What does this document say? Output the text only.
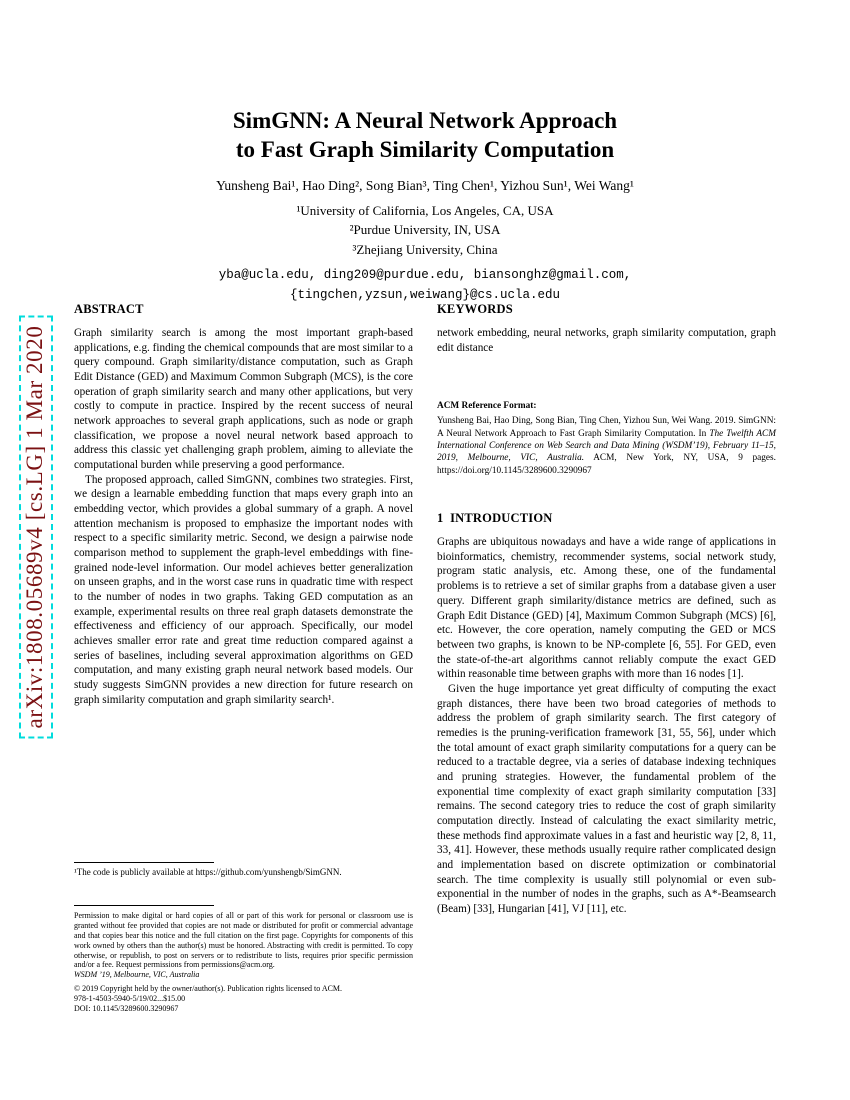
arXiv:1808.05689v4 [cs.LG] 1 Mar 2020
SimGNN: A Neural Network Approach
to Fast Graph Similarity Computation
Yunsheng Bai¹, Hao Ding², Song Bian³, Ting Chen¹, Yizhou Sun¹, Wei Wang¹
¹University of California, Los Angeles, CA, USA
²Purdue University, IN, USA
³Zhejiang University, China
yba@ucla.edu, ding209@purdue.edu, biansonghz@gmail.com,
{tingchen,yzsun,weiwang}@cs.ucla.edu
ABSTRACT

Graph similarity search is among the most important graph-based applications, e.g. finding the chemical compounds that are most similar to a query compound. Graph similarity/distance computation, such as Graph Edit Distance (GED) and Maximum Common Subgraph (MCS), is the core operation of graph similarity search and many other applications, but very costly to compute in practice. Inspired by the recent success of neural network approaches to several graph applications, such as node or graph classification, we propose a novel neural network based approach to address this classic yet challenging graph problem, aiming to alleviate the computational burden while preserving a good performance.

The proposed approach, called SimGNN, combines two strategies. First, we design a learnable embedding function that maps every graph into an embedding vector, which provides a global summary of a graph. A novel attention mechanism is proposed to emphasize the important nodes with respect to a specific similarity metric. Second, we design a pairwise node comparison method to supplement the graph-level embeddings with fine-grained node-level information. Our model achieves better generalization on unseen graphs, and in the worst case runs in quadratic time with respect to the number of nodes in two graphs. Taking GED computation as an example, experimental results on three real graph datasets demonstrate the effectiveness and efficiency of our approach. Specifically, our model achieves smaller error rate and great time reduction compared against a series of baselines, including several approximation algorithms on GED computation, and many existing graph neural network based models. Our study suggests SimGNN provides a new direction for future research on graph similarity computation and graph similarity search¹.

¹The code is publicly available at https://github.com/yunshengb/SimGNN.

Permission to make digital or hard copies of all or part of this work for personal or classroom use is granted without fee provided that copies are not made or distributed for profit or commercial advantage and that copies bear this notice and the full citation on the first page. Copyrights for components of this work owned by others than the author(s) must be honored. Abstracting with credit is permitted. To copy otherwise, or republish, to post on servers or to redistribute to lists, requires prior specific permission and/or a fee. Request permissions from permissions@acm.org.

WSDM ’19, Melbourne, VIC, Australia

© 2019 Copyright held by the owner/author(s). Publication rights licensed to ACM.

978-1-4503-5940-5/19/02...$15.00

DOI: 10.1145/3289600.3290967

KEYWORDS

network embedding, neural networks, graph similarity computation, graph edit distance

ACM Reference Format:

Yunsheng Bai, Hao Ding, Song Bian, Ting Chen, Yizhou Sun, Wei Wang. 2019. SimGNN: A Neural Network Approach to Fast Graph Similarity Computation. In The Twelfth ACM International Conference on Web Search and Data Mining (WSDM’19), February 11–15, 2019, Melbourne, VIC, Australia. ACM, New York, NY, USA, 9 pages. https://doi.org/10.1145/3289600.3290967

1  INTRODUCTION

Graphs are ubiquitous nowadays and have a wide range of applications in bioinformatics, chemistry, recommender systems, social network study, program static analysis, etc. Among these, one of the fundamental problems is to retrieve a set of similar graphs from a database given a user query. Different graph similarity/distance metrics are defined, such as Graph Edit Distance (GED) [4], Maximum Common Subgraph (MCS) [6], etc. However, the core operation, namely computing the GED or MCS between two graphs, is known to be NP-complete [6, 55]. For GED, even the state-of-the-art algorithms cannot reliably compute the exact GED within reasonable time between graphs with more than 16 nodes [1].

Given the huge importance yet great difficulty of computing the exact graph distances, there have been two broad categories of methods to address the problem of graph similarity search. The first category of remedies is the pruning-verification framework [31, 55, 56], under which the total amount of exact graph similarity computations for a query can be reduced to a tractable degree, via a series of database indexing techniques and pruning strategies. However, the fundamental problem of the exponential time complexity of exact graph similarity computation [33] remains. The second category tries to reduce the cost of graph similarity computation directly. Instead of calculating the exact similarity metric, these methods find approximate values in a fast and heuristic way [2, 8, 11, 33, 41]. However, these methods usually require rather complicated design and implementation based on discrete optimization or combinatorial search. The time complexity is usually still polynomial or even sub-exponential in the number of nodes in the graphs, such as A*-Beamsearch (Beam) [33], Hungarian [41], VJ [11], etc.
